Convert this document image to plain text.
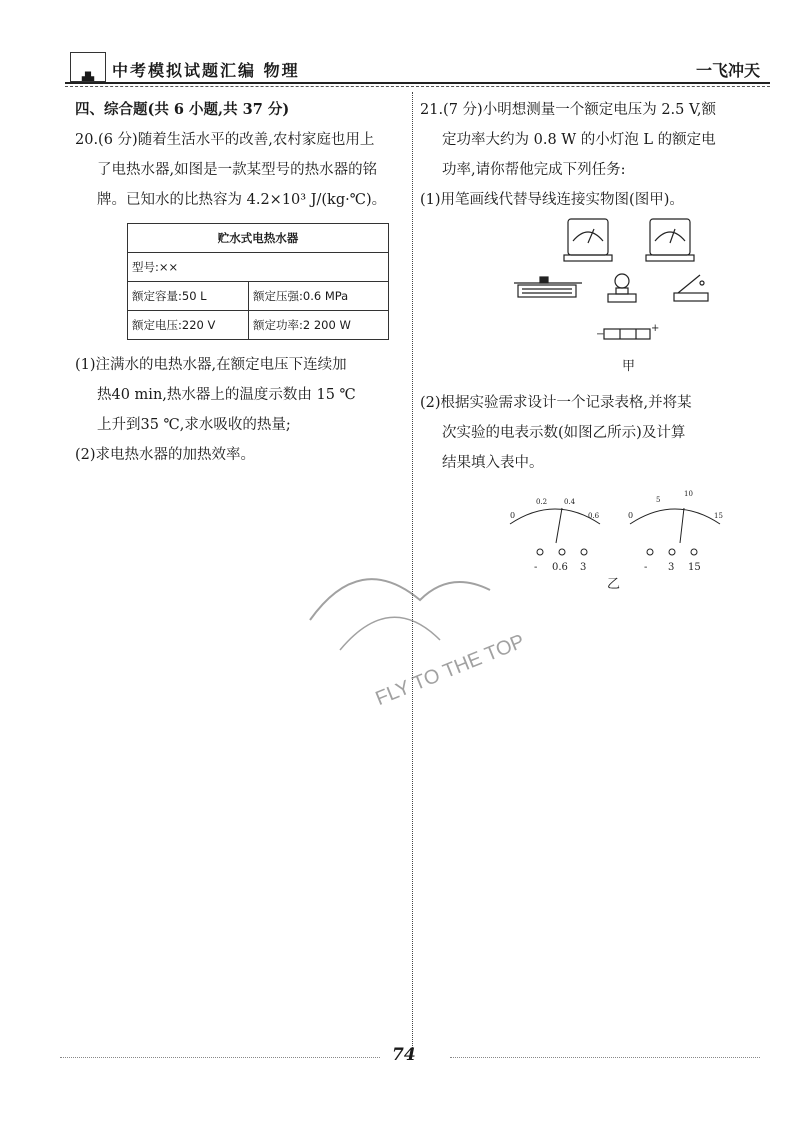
▟▙ 中考模拟试题汇编 物理	一飞冲天

四、综合题(共 6 小题,共 37 分)

20.(6 分)随着生活水平的改善,农村家庭也用上

了电热水器,如图是一款某型号的热水器的铭

牌。已知水的比热容为 4.2×10³ J/(kg·℃)。

贮水式电热水器	
型号:××	
额定容量:50 L	额定压强:0.6 MPa
额定电压:220 V	额定功率:2 200 W

(1)注满水的电热水器,在额定电压下连续加

热40 min,热水器上的温度示数由 15 ℃

上升到35 ℃,求水吸收的热量;

(2)求电热水器的加热效率。

21.(7 分)小明想测量一个额定电压为 2.5 V,额

定功率大约为 0.8 W 的小灯泡 L 的额定电

功率,请你帮他完成下列任务:

(1)用笔画线代替导线连接实物图(图甲)。

−
+
甲

(2)根据实验需求设计一个记录表格,并将某

次实验的电表示数(如图乙所示)及计算

结果填入表中。

0
0.2 0.4
0.6
- 0.6 3
0
5
10
15
- 3 15
乙
FLY TO THE TOP
74
